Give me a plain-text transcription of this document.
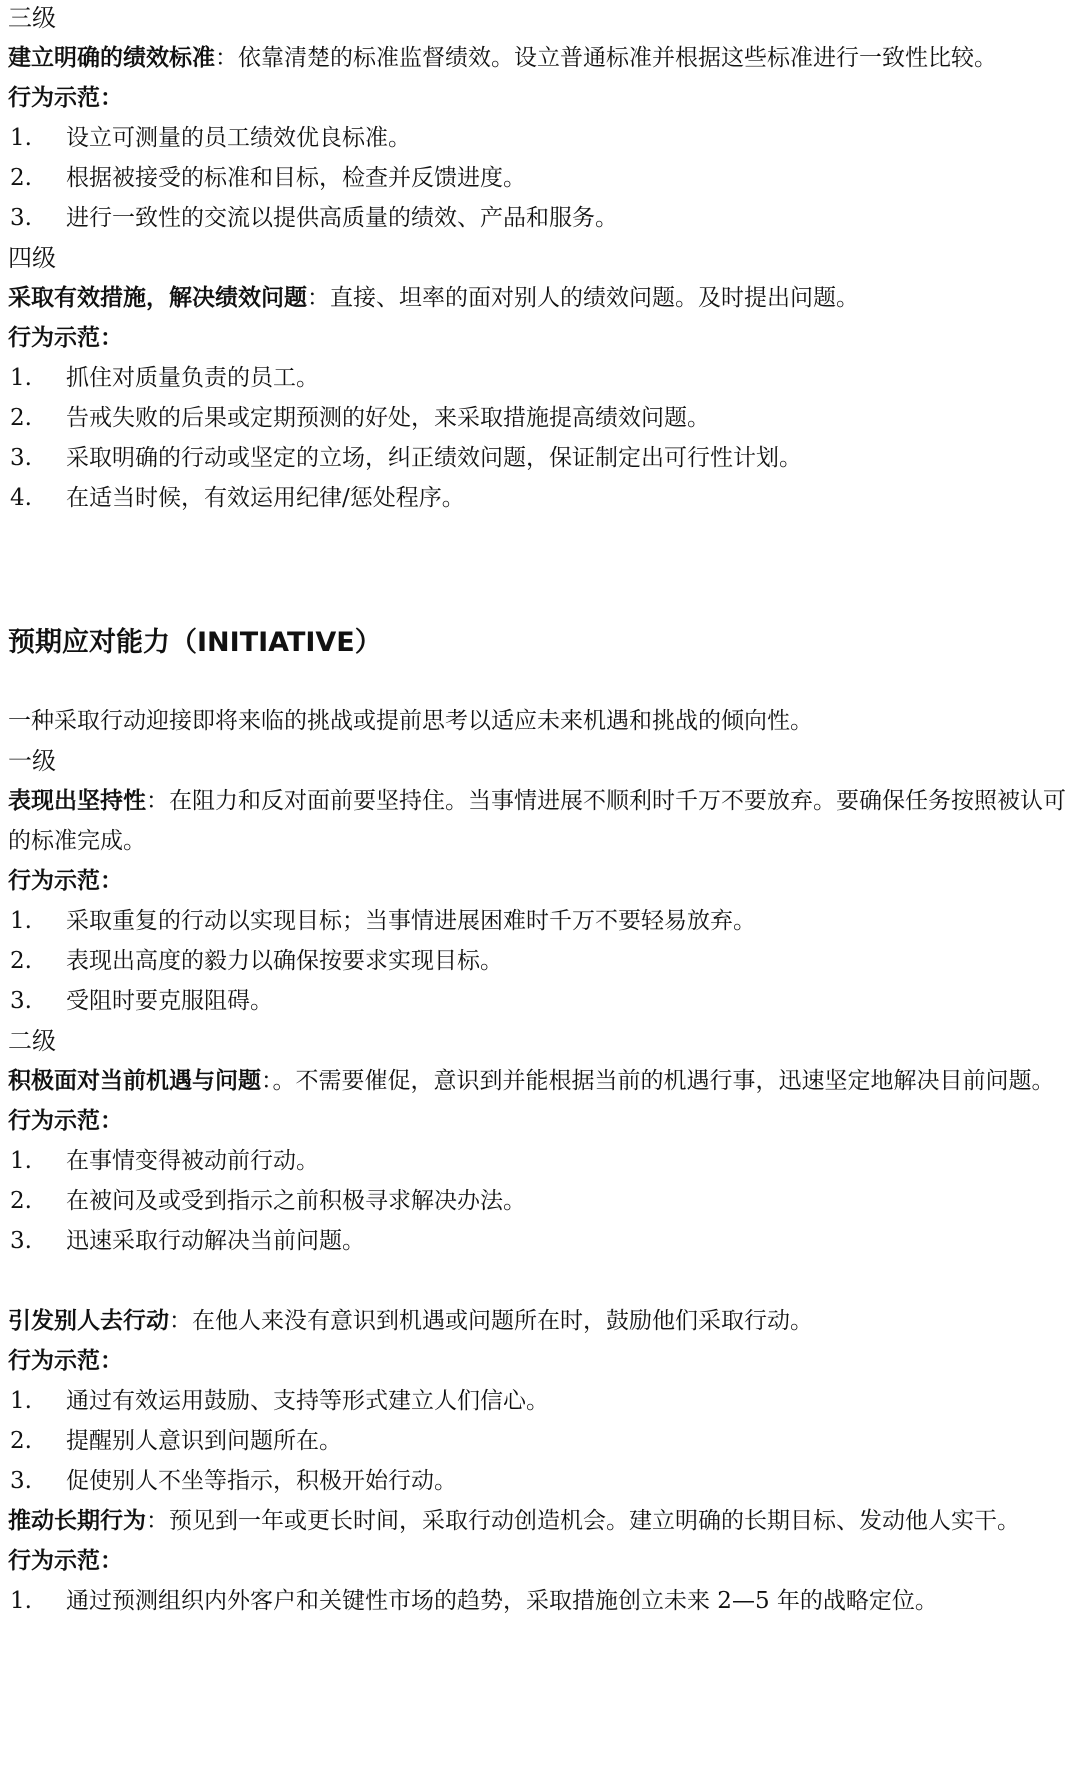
三级

建立明确的绩效标准：依靠清楚的标准监督绩效。设立普通标准并根据这些标准进行一致性比较。

行为示范：

1.	设立可测量的员工绩效优良标准。
2.	根据被接受的标准和目标，检查并反馈进度。
3.	进行一致性的交流以提供高质量的绩效、产品和服务。

四级

采取有效措施，解决绩效问题：直接、坦率的面对别人的绩效问题。及时提出问题。

行为示范：

1.	抓住对质量负责的员工。
2.	告戒失败的后果或定期预测的好处，来采取措施提高绩效问题。
3.	采取明确的行动或坚定的立场，纠正绩效问题，保证制定出可行性计划。
4.	在适当时候，有效运用纪律/惩处程序。

预期应对能力（INITIATIVE）

一种采取行动迎接即将来临的挑战或提前思考以适应未来机遇和挑战的倾向性。

一级

表现出坚持性：在阻力和反对面前要坚持住。当事情进展不顺利时千万不要放弃。要确保任务按照被认可的标准完成。

行为示范：

1.	采取重复的行动以实现目标；当事情进展困难时千万不要轻易放弃。
2.	表现出高度的毅力以确保按要求实现目标。
3.	受阻时要克服阻碍。

二级

积极面对当前机遇与问题：。不需要催促，意识到并能根据当前的机遇行事，迅速坚定地解决目前问题。

行为示范：

1.	在事情变得被动前行动。
2.	在被问及或受到指示之前积极寻求解决办法。
3.	迅速采取行动解决当前问题。

引发别人去行动：在他人来没有意识到机遇或问题所在时，鼓励他们采取行动。

行为示范：

1.	通过有效运用鼓励、支持等形式建立人们信心。
2.	提醒别人意识到问题所在。
3.	促使别人不坐等指示，积极开始行动。

推动长期行为：预见到一年或更长时间，采取行动创造机会。建立明确的长期目标、发动他人实干。

行为示范：

1.	通过预测组织内外客户和关键性市场的趋势，采取措施创立未来 2—5 年的战略定位。
